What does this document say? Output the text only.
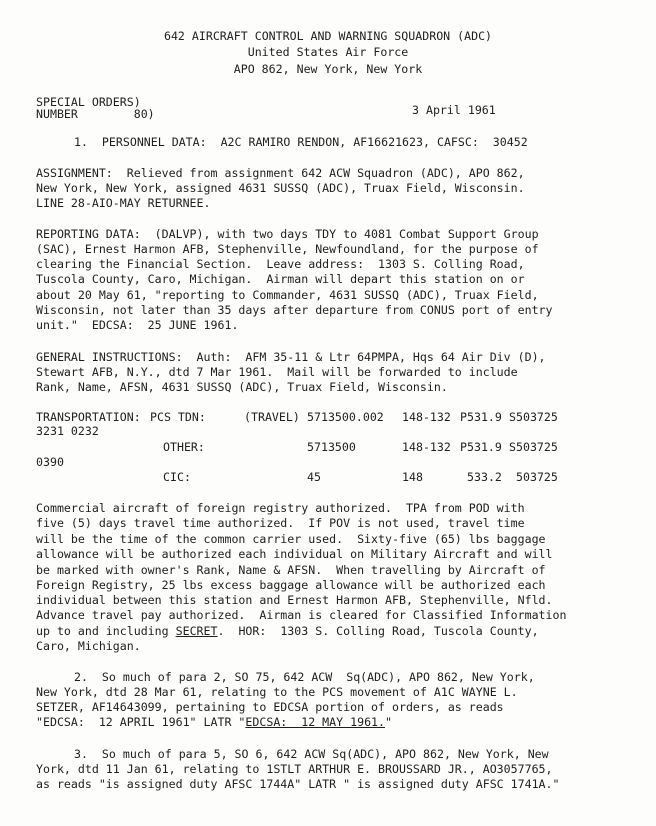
642 AIRCRAFT CONTROL AND WARNING SQUADRON (ADC)
United States Air Force
APO 862, New York, New York
SPECIAL ORDERS)
NUMBER        80)	3 April 1961
1.  PERSONNEL DATA:  A2C RAMIRO RENDON, AF16621623, CAFSC:  30452
ASSIGNMENT:  Relieved from assignment 642 ACW Squadron (ADC), APO 862,
New York, New York, assigned 4631 SUSSQ (ADC), Truax Field, Wisconsin.
LINE 28-AIO-MAY RETURNEE.
REPORTING DATA:  (DALVP), with two days TDY to 4081 Combat Support Group
(SAC), Ernest Harmon AFB, Stephenville, Newfoundland, for the purpose of
clearing the Financial Section.  Leave address:  1303 S. Colling Road,
Tuscola County, Caro, Michigan.  Airman will depart this station on or
about 20 May 61, "reporting to Commander, 4631 SUSSQ (ADC), Truax Field,
Wisconsin, not later than 35 days after departure from CONUS port of entry
unit."  EDCSA:  25 JUNE 1961.
GENERAL INSTRUCTIONS:  Auth:  AFM 35-11 & Ltr 64PMPA, Hqs 64 Air Div (D),
Stewart AFB, N.Y., dtd 7 Mar 1961.  Mail will be forwarded to include
Rank, Name, AFSN, 4631 SUSSQ (ADC), Truax Field, Wisconsin.
TRANSPORTATION: PCS TDN:	(TRAVEL) 5713500.002 148-132 P531.9 S503725
3231 0232
OTHER:	5713500	148-132 P531.9 S503725
0390
CIC:	45	148	533.2 503725
Commercial aircraft of foreign registry authorized.  TPA from POD with
five (5) days travel time authorized.  If POV is not used, travel time
will be the time of the common carrier used.  Sixty-five (65) lbs baggage
allowance will be authorized each individual on Military Aircraft and will
be marked with owner's Rank, Name & AFSN.  When travelling by Aircraft of
Foreign Registry, 25 lbs excess baggage allowance will be authorized each
individual between this station and Ernest Harmon AFB, Stephenville, Nfld.
Advance travel pay authorized.  Airman is cleared for Classified Information
up to and including SECRET.  HOR:  1303 S. Colling Road, Tuscola County,
Caro, Michigan.
2.  So much of para 2, SO 75, 642 ACW  Sq(ADC), APO 862, New York,
New York, dtd 28 Mar 61, relating to the PCS movement of A1C WAYNE L.
SETZER, AF14643099, pertaining to EDCSA portion of orders, as reads
"EDCSA:  12 APRIL 1961" LATR "EDCSA:  12 MAY 1961."
3.  So much of para 5, SO 6, 642 ACW Sq(ADC), APO 862, New York, New
York, dtd 11 Jan 61, relating to 1STLT ARTHUR E. BROUSSARD JR., AO3057765,
as reads "is assigned duty AFSC 1744A" LATR " is assigned duty AFSC 1741A."
